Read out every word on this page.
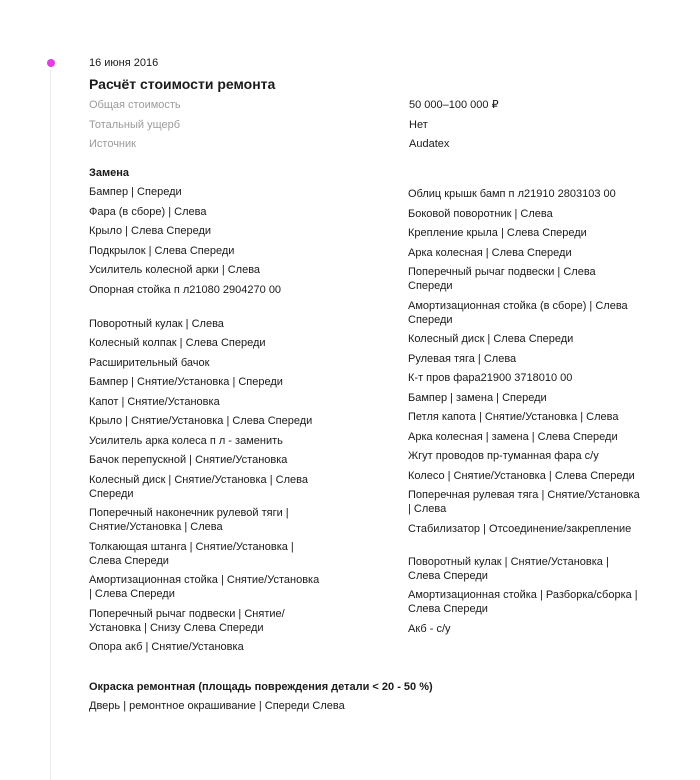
16 июня 2016
Расчёт стоимости ремонта
Общая стоимость	50 000–100 000 ₽
Тотальный ущерб	Нет
Источник	Audatex
Замена
Бампер | Спереди
Фара (в сборе) | Слева
Крыло | Слева Спереди
Подкрылок | Слева Спереди
Усилитель колесной арки | Слева
Опорная стойка п л21080 2904270 00
Поворотный кулак | Слева
Колесный колпак | Слева Спереди
Расширительный бачок
Бампер | Снятие/Установка | Спереди
Капот | Снятие/Установка
Крыло | Снятие/Установка | Слева Спереди
Усилитель арка колеса п л - заменить
Бачок перепускной | Снятие/Установка
Колесный диск | Снятие/Установка | Слева Спереди
Поперечный наконечник рулевой тяги | Снятие/Установка | Слева
Толкающая штанга | Снятие/Установка | Слева Спереди
Амортизационная стойка | Снятие/Установка | Слева Спереди
Поперечный рычаг подвески | Снятие/Установка | Снизу Слева Спереди
Опора акб | Снятие/Установка
Облиц крышк бамп п л21910 2803103 00
Боковой поворотник | Слева
Крепление крыла | Слева Спереди
Арка колесная | Слева Спереди
Поперечный рычаг подвески | Слева Спереди
Амортизационная стойка (в сборе) | Слева Спереди
Колесный диск | Слева Спереди
Рулевая тяга | Слева
К-т пров фара21900 3718010 00
Бампер | замена | Спереди
Петля капота | Снятие/Установка | Слева
Арка колесная | замена | Слева Спереди
Жгут проводов пр-туманная фара с/у
Колесо | Снятие/Установка | Слева Спереди
Поперечная рулевая тяга | Снятие/Установка | Слева
Стабилизатор | Отсоединение/закрепление
Поворотный кулак | Снятие/Установка | Слева Спереди
Амортизационная стойка | Разборка/сборка | Слева Спереди
Акб - с/у
Окраска ремонтная (площадь повреждения детали < 20 - 50 %)
Дверь | ремонтное окрашивание | Спереди Слева
